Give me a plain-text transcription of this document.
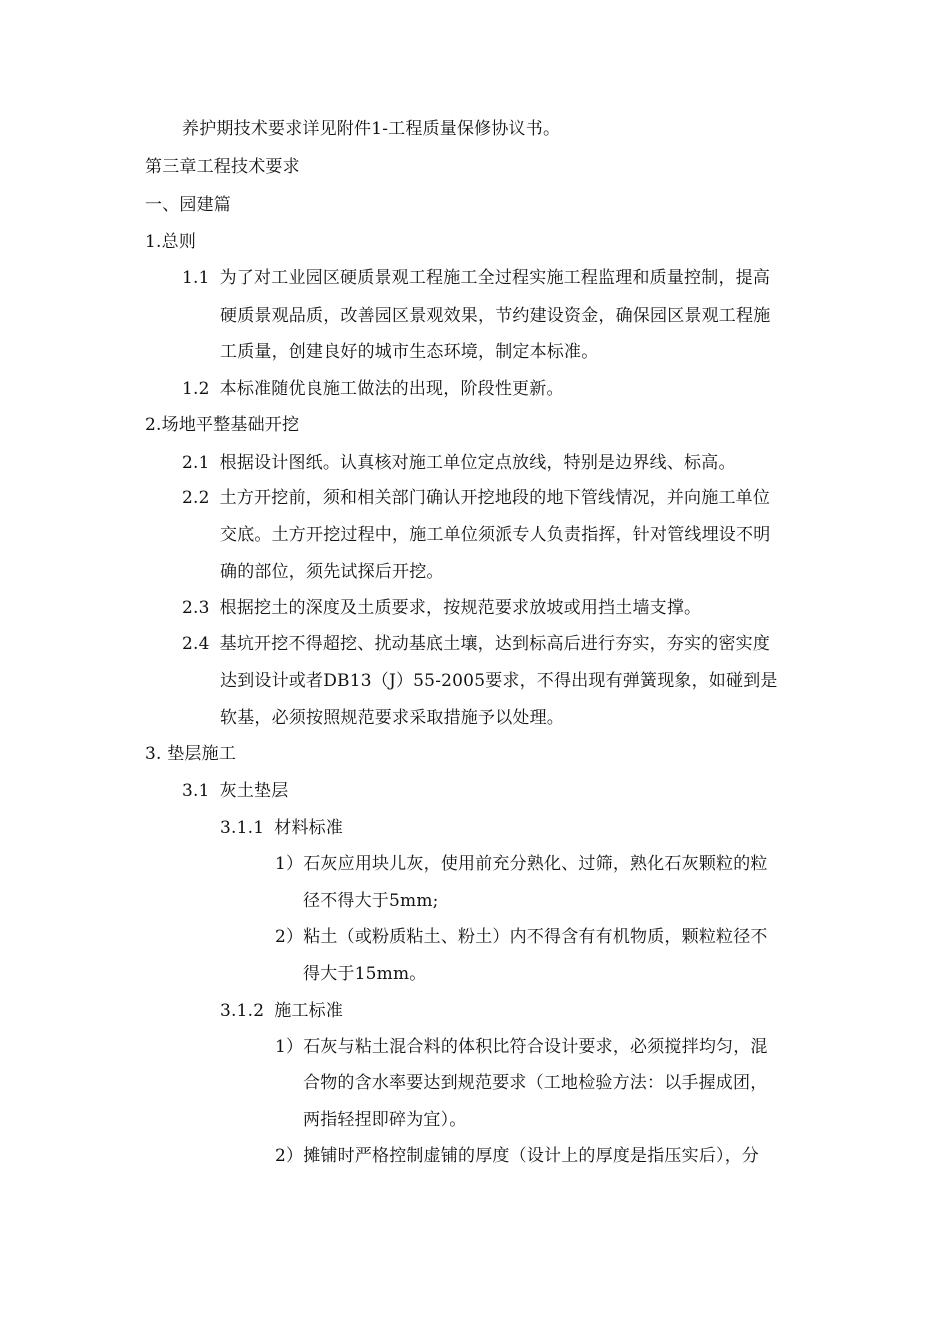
养护期技术要求详见附件1-工程质量保修协议书。
第三章工程技术要求
一、园建篇
1.总则
1.1 为了对工业园区硬质景观工程施工全过程实施工程监理和质量控制，提高
硬质景观品质，改善园区景观效果，节约建设资金，确保园区景观工程施
工质量，创建良好的城市生态环境，制定本标准。
1.2 本标准随优良施工做法的出现，阶段性更新。
2.场地平整基础开挖
2.1 根据设计图纸。认真核对施工单位定点放线，特别是边界线、标高。
2.2 土方开挖前，须和相关部门确认开挖地段的地下管线情况，并向施工单位
交底。土方开挖过程中，施工单位须派专人负责指挥，针对管线埋设不明
确的部位，须先试探后开挖。
2.3 根据挖土的深度及土质要求，按规范要求放坡或用挡土墙支撑。
2.4 基坑开挖不得超挖、扰动基底土壤，达到标高后进行夯实，夯实的密实度
达到设计或者DB13（J）55-2005要求，不得出现有弹簧现象，如碰到是
软基，必须按照规范要求采取措施予以处理。
3. 垫层施工
3.1 灰土垫层
3.1.1 材料标准
1）石灰应用块儿灰，使用前充分熟化、过筛，熟化石灰颗粒的粒
径不得大于5mm;
2）粘土（或粉质粘土、粉土）内不得含有有机物质，颗粒粒径不
得大于15mm。
3.1.2 施工标准
1）石灰与粘土混合料的体积比符合设计要求，必须搅拌均匀，混
合物的含水率要达到规范要求（工地检验方法：以手握成团，
两指轻捏即碎为宜）。
2）摊铺时严格控制虚铺的厚度（设计上的厚度是指压实后），分
